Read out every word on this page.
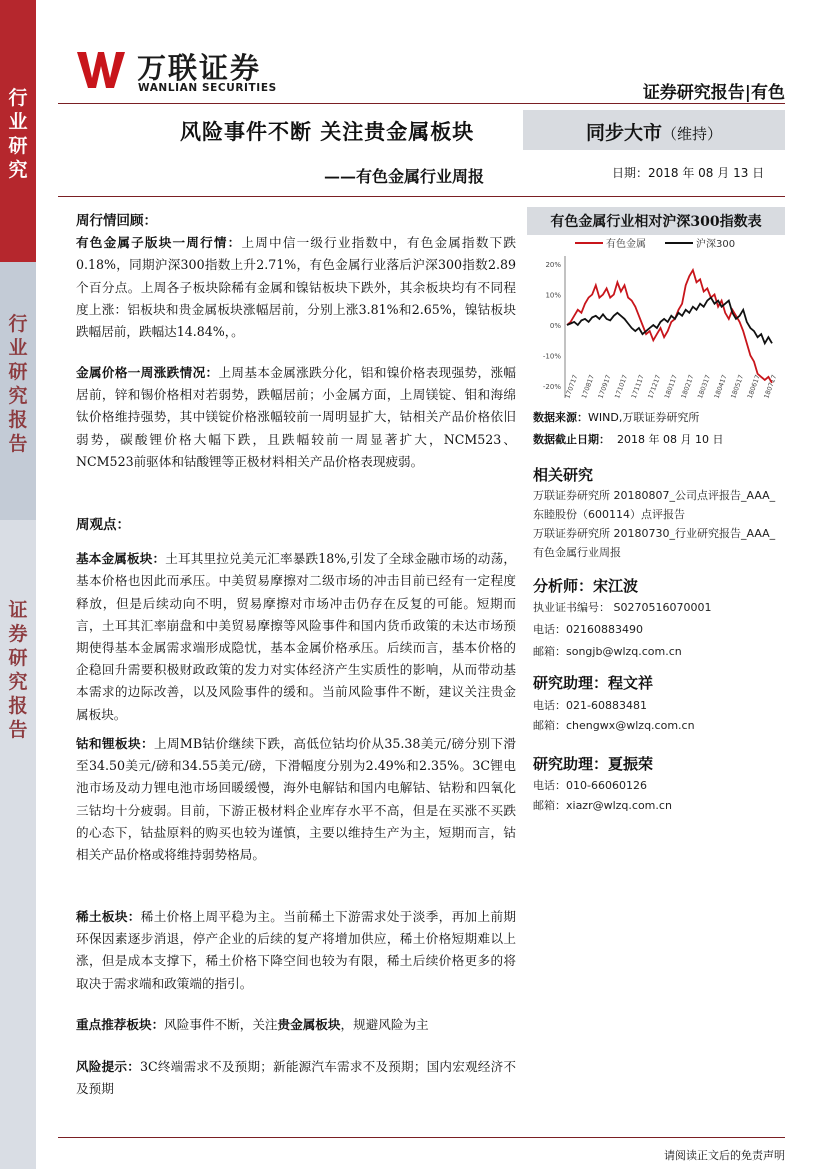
行
业
研
究
行
业
研
究
报
告
证
券
研
究
报
告
万联证券
WANLIAN SECURITIES	证券研究报告|有色
风险事件不断 关注贵金属板块
——有色金属行业周报
同步大市（维持）
日期：2018 年 08 月 13 日
周行情回顾：

有色金属子版块一周行情：上周中信一级行业指数中，有色金属指数下跌0.18%，同期沪深300指数上升2.71%，有色金属行业落后沪深300指数2.89个百分点。上周各子板块除稀有金属和镍钴板块下跌外，其余板块均有不同程度上涨：铝板块和贵金属板块涨幅居前，分别上涨3.81%和2.65%，镍钴板块跌幅居前，跌幅达14.84%，。

金属价格一周涨跌情况：上周基本金属涨跌分化，铝和镍价格表现强势，涨幅居前，锌和锡价格相对若弱势，跌幅居前；小金属方面，上周镁锭、钼和海绵钛价格维持强势，其中镁锭价格涨幅较前一周明显扩大，钴相关产品价格依旧弱势，碳酸锂价格大幅下跌，且跌幅较前一周显著扩大，NCM523、NCM523前驱体和钴酸锂等正极材料相关产品价格表现疲弱。

周观点：

基本金属板块：土耳其里拉兑美元汇率暴跌18%,引发了全球金融市场的动荡，基本价格也因此而承压。中美贸易摩擦对二级市场的冲击目前已经有一定程度释放，但是后续动向不明，贸易摩擦对市场冲击仍存在反复的可能。短期而言，土耳其汇率崩盘和中美贸易摩擦等风险事件和国内货币政策的未达市场预期使得基本金属需求端形成隐忧，基本金属价格承压。后续而言，基本价格的企稳回升需要积极财政政策的发力对实体经济产生实质性的影响，从而带动基本需求的边际改善，以及风险事件的缓和。当前风险事件不断，建议关注贵金属板块。

钴和锂板块：上周MB钴价继续下跌，高低位钴均价从35.38美元/磅分别下滑至34.50美元/磅和34.55美元/磅，下滑幅度分别为2.49%和2.35%。3C锂电池市场及动力锂电池市场回暖缓慢，海外电解钴和国内电解钴、钴粉和四氧化三钴均十分疲弱。目前，下游正极材料企业库存水平不高，但是在买涨不买跌的心态下，钴盐原料的购买也较为谨慎，主要以维持生产为主，短期而言，钴相关产品价格或将维持弱势格局。

稀土板块：稀土价格上周平稳为主。当前稀土下游需求处于淡季，再加上前期环保因素逐步消退，停产企业的后续的复产将增加供应，稀土价格短期难以上涨，但是成本支撑下，稀土价格下降空间也较为有限，稀土后续价格更多的将取决于需求端和政策端的指引。

重点推荐板块：风险事件不断，关注贵金属板块，规避风险为主

风险提示：3C终端需求不及预期；新能源汽车需求不及预期；国内宏观经济不及预期

有色金属行业相对沪深300指数表
有色金属	沪深300
20%
10%
0%
-10%
-20% 170717 170817 170917 171017 171117 171217 180117 180217 180317 180417 180517 180617 180717
数据来源：WIND,万联证券研究所
数据截止日期： 2018 年 08 月 10 日
相关研究
万联证券研究所 20180807_公司点评报告_AAA_
东睦股份（600114）点评报告
万联证券研究所 20180730_行业研究报告_AAA_
有色金属行业周报
分析师：宋江波
执业证书编号： S0270516070001
电话：02160883490
邮箱：songjb@wlzq.com.cn
研究助理：程文祥
电话：021-60883481
邮箱：chengwx@wlzq.com.cn
研究助理：夏振荣
电话：010-66060126
邮箱：xiazr@wlzq.com.cn
请阅读正文后的免责声明
